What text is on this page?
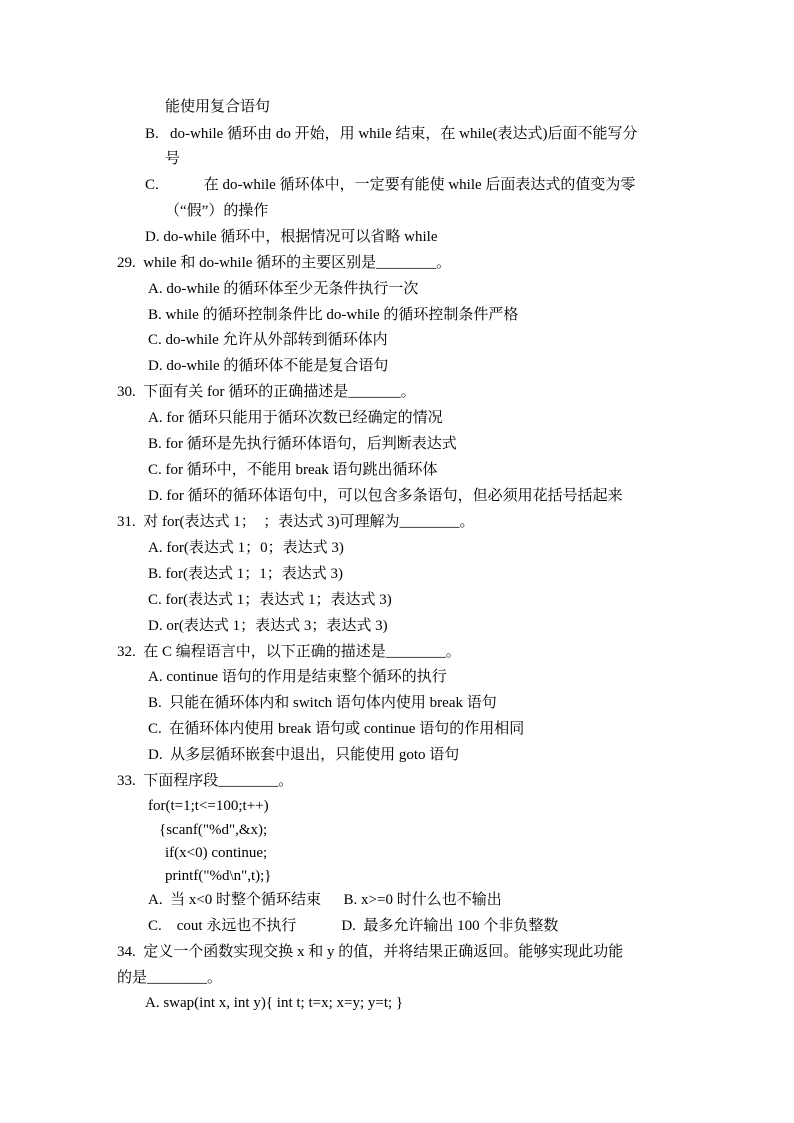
能使用复合语句
B.   do-while 循环由 do 开始，用 while 结束，在 while(表达式)后面不能写分
号
C.            在 do-while 循环体中，一定要有能使 while 后面表达式的值变为零
（“假”）的操作
D. do-while 循环中，根据情况可以省略 while
29.  while 和 do-while 循环的主要区别是________。
A. do-while 的循环体至少无条件执行一次
B. while 的循环控制条件比 do-while 的循环控制条件严格
C. do-while 允许从外部转到循环体内
D. do-while 的循环体不能是复合语句
30.  下面有关 for 循环的正确描述是_______。
A. for 循环只能用于循环次数已经确定的情况
B. for 循环是先执行循环体语句，后判断表达式
C. for 循环中，不能用 break 语句跳出循环体
D. for 循环的循环体语句中，可以包含多条语句，但必须用花括号括起来
31.  对 for(表达式 1；  ；表达式 3)可理解为________。
A. for(表达式 1；0；表达式 3)
B. for(表达式 1；1；表达式 3)
C. for(表达式 1；表达式 1；表达式 3)
D. or(表达式 1；表达式 3；表达式 3)
32.  在 C 编程语言中，以下正确的描述是________。
A. continue 语句的作用是结束整个循环的执行
B.  只能在循环体内和 switch 语句体内使用 break 语句
C.  在循环体内使用 break 语句或 continue 语句的作用相同
D.  从多层循环嵌套中退出，只能使用 goto 语句
33.  下面程序段________。
for(t=1;t<=100;t++)
{scanf("%d",&x);
if(x<0) continue;
printf("%d\n",t);}
A.  当 x<0 时整个循环结束      B. x>=0 时什么也不输出
C.    cout 永远也不执行            D.  最多允许输出 100 个非负整数
34.  定义一个函数实现交换 x 和 y 的值，并将结果正确返回。能够实现此功能
的是________。
A. swap(int x, int y){ int t; t=x; x=y; y=t; }
